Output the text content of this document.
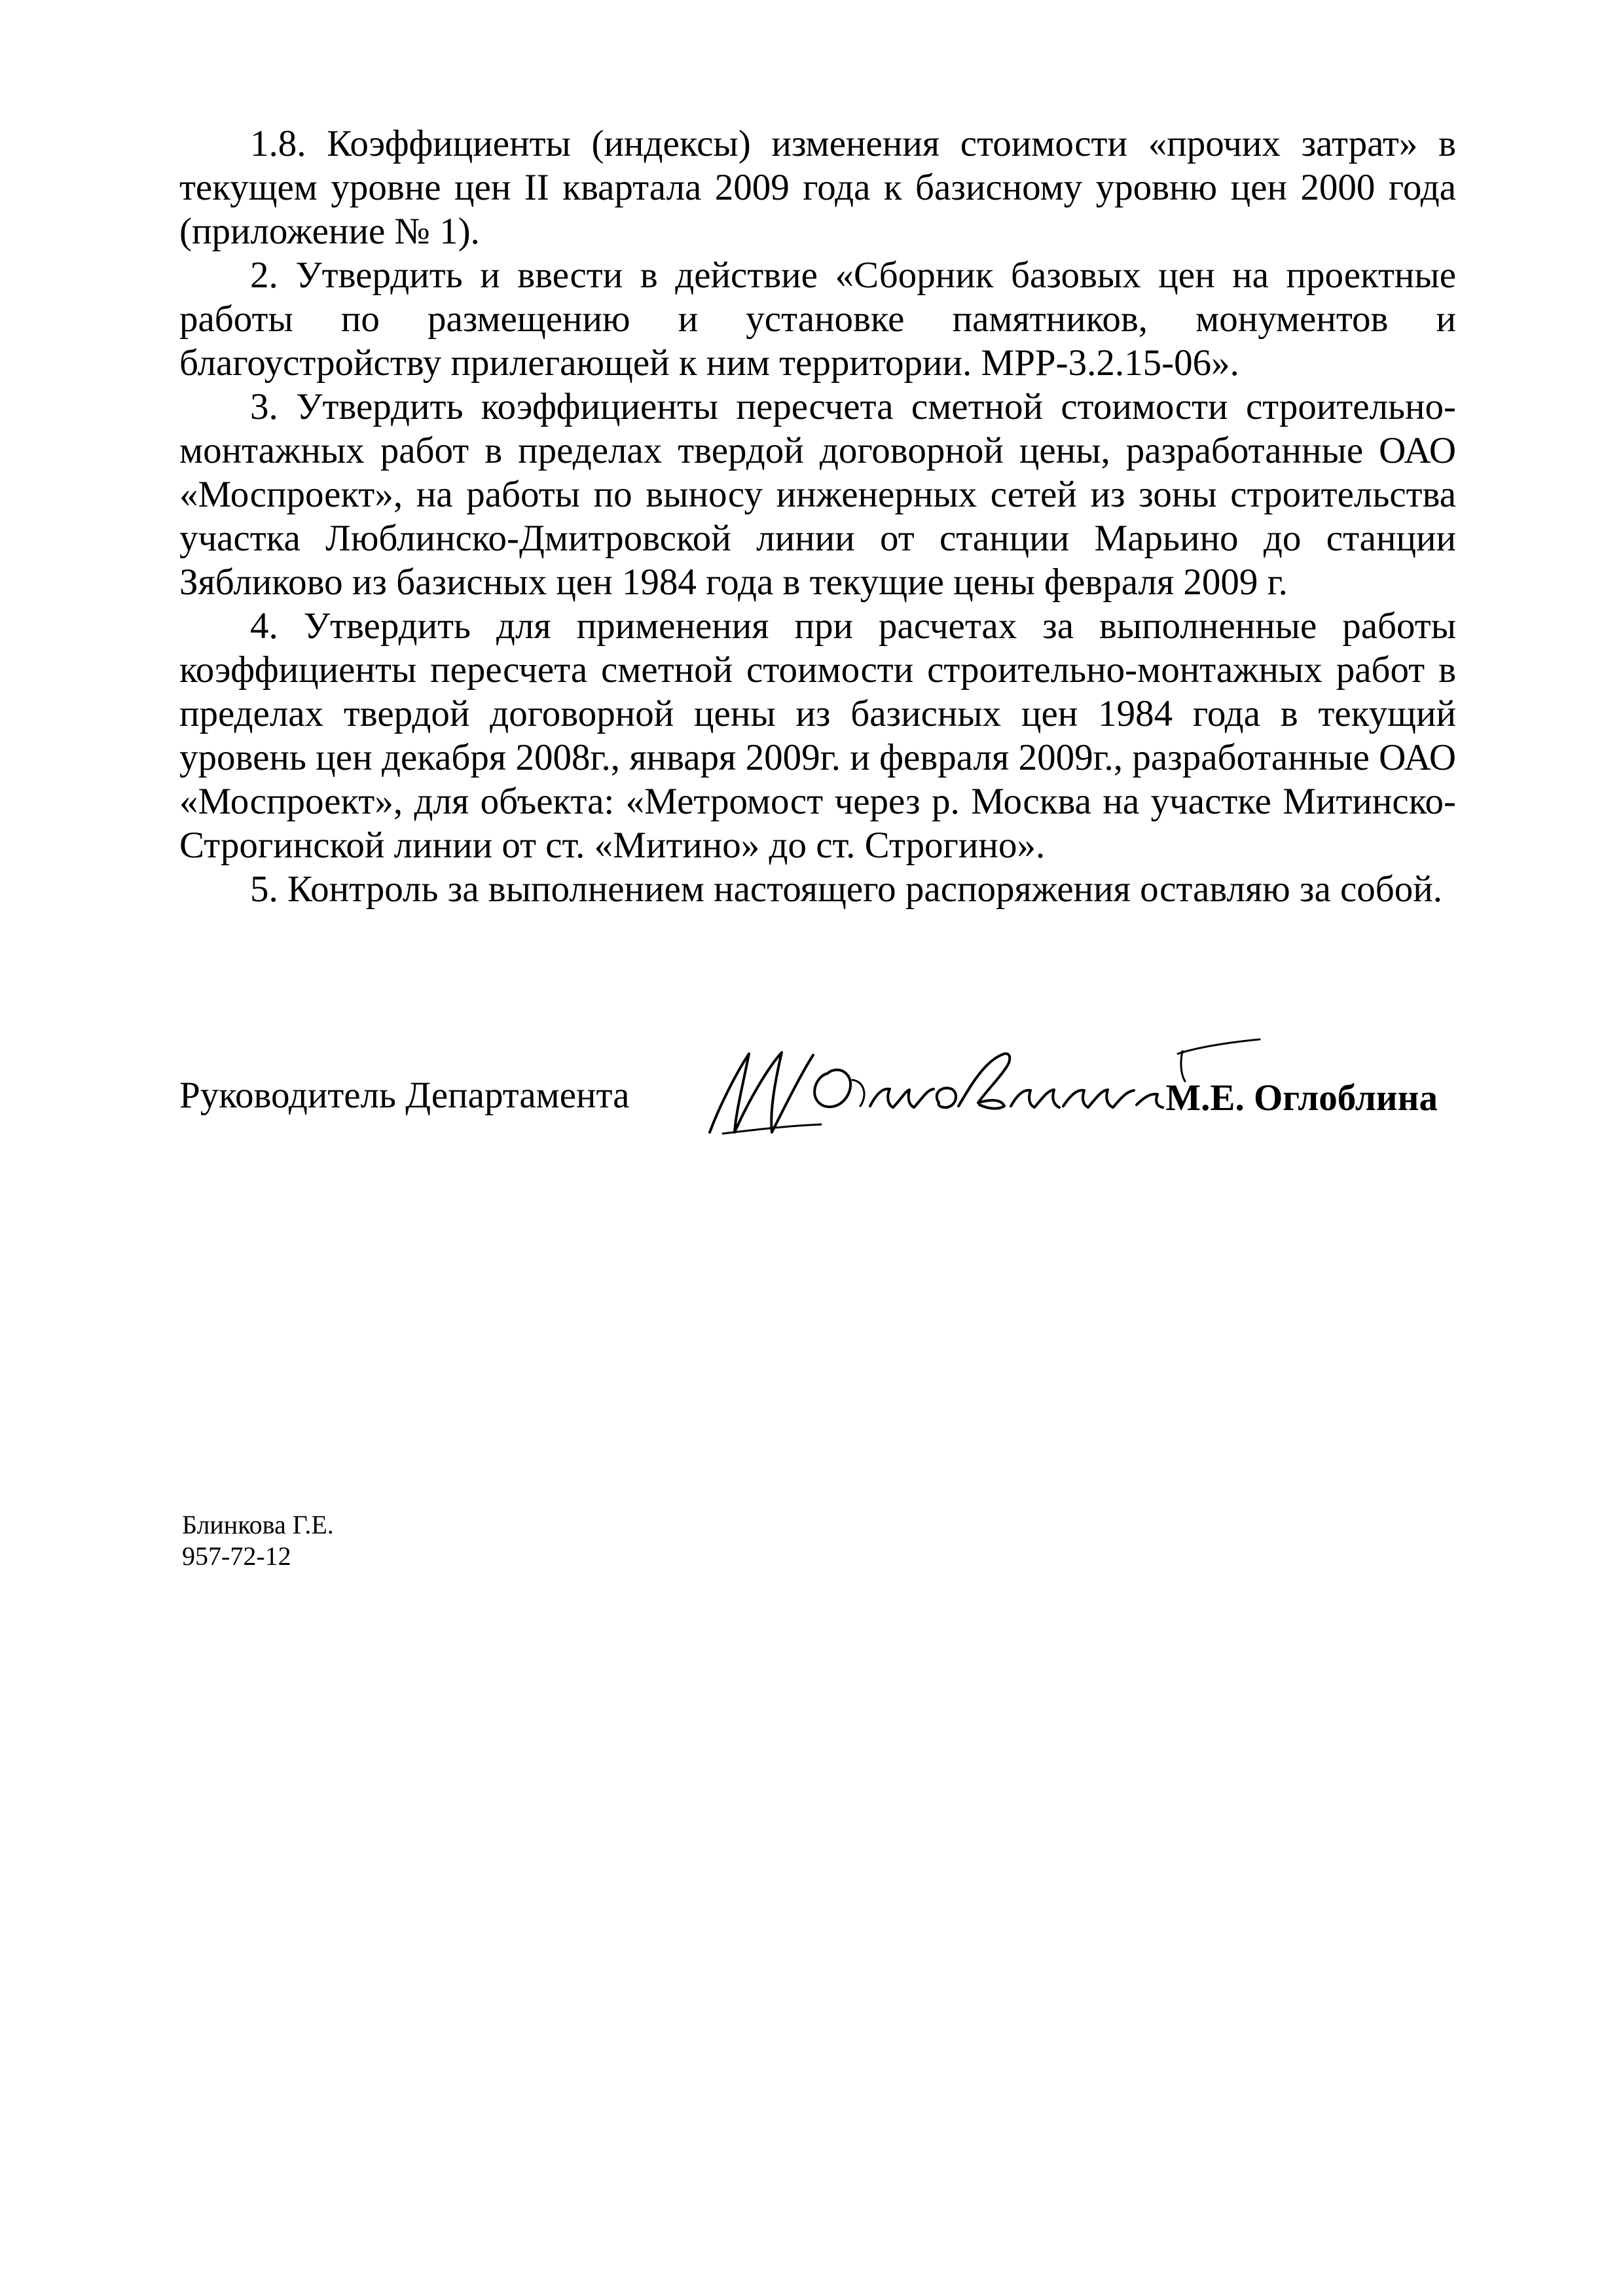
1.8. Коэффициенты (индексы) изменения стоимости «прочих затрат» в текущем уровне цен II квартала 2009 года к базисному уровню цен 2000 года (приложение № 1).

2. Утвердить и ввести в действие «Сборник базовых цен на проектные работы по размещению и установке памятников, монументов и благоустройству прилегающей к ним территории. МРР-3.2.15-06».

3. Утвердить коэффициенты пересчета сметной стоимости строительно-монтажных работ в пределах твердой договорной цены, разработанные ОАО «Моспроект», на работы по выносу инженерных сетей из зоны строительства участка Люблинско-Дмитровской линии от станции Марьино до станции Зябликово из базисных цен 1984 года в текущие цены февраля 2009 г.

4. Утвердить для применения при расчетах за выполненные работы коэффициенты пересчета сметной стоимости строительно-монтажных работ в пределах твердой договорной цены из базисных цен 1984 года в текущий уровень цен декабря 2008г., января 2009г. и февраля 2009г., разработанные ОАО «Моспроект», для объекта: «Метромост через р. Москва на участке Митинско-Строгинской линии от ст. «Митино» до ст. Строгино».

5. Контроль за выполнением настоящего распоряжения оставляю за собой.

Руководитель Департамента	М.Е. Оглоблина
Блинкова Г.Е.
957-72-12
